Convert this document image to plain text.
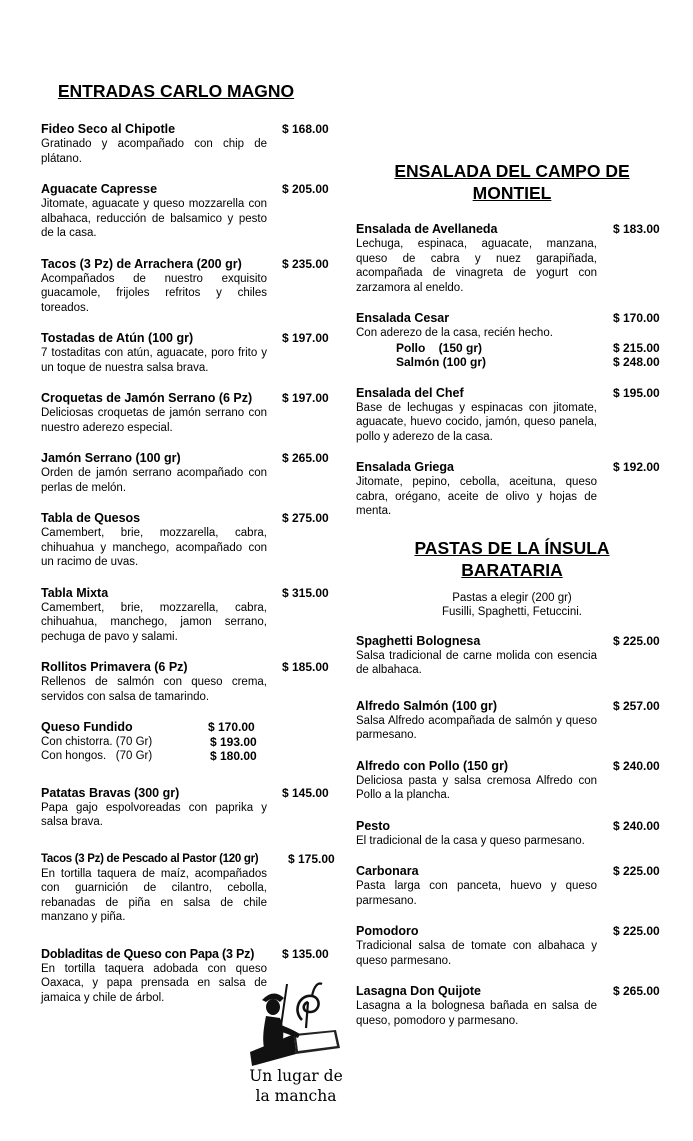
ENTRADAS CARLO MAGNO
Fideo Seco al Chipotle	$ 168.00
Gratinado y acompañado con chip de plátano.
Aguacate Capresse	$ 205.00
Jitomate, aguacate y queso mozzarella con albahaca, reducción de balsamico y pesto de la casa.
Tacos (3 Pz) de Arrachera (200 gr)	$ 235.00
Acompañados de nuestro exquisito guacamole, frijoles refritos y chiles toreados.
Tostadas de Atún (100 gr)	$ 197.00
7 tostaditas con atún, aguacate, poro frito y un toque de nuestra salsa brava.
Croquetas de Jamón Serrano (6 Pz)	$ 197.00
Deliciosas croquetas de jamón serrano con nuestro aderezo especial.
Jamón Serrano (100 gr)	$ 265.00
Orden de jamón serrano acompañado con perlas de melón.
Tabla de Quesos	$ 275.00
Camembert, brie, mozzarella, cabra, chihuahua y manchego, acompañado con un racimo de uvas.
Tabla Mixta	$ 315.00
Camembert, brie, mozzarella, cabra, chihuahua, manchego, jamon serrano, pechuga de pavo y salami.
Rollitos Primavera (6 Pz)	$ 185.00
Rellenos de salmón con queso crema, servidos con salsa de tamarindo.
Queso Fundido	$ 170.00
Con chistorra. (70 Gr)	$ 193.00
Con hongos.   (70 Gr)	$ 180.00
Patatas Bravas (300 gr)	$ 145.00
Papa gajo espolvoreadas con paprika y salsa brava.
Tacos (3 Pz) de Pescado al Pastor (120 gr)	$ 175.00
En tortilla taquera de maíz, acompañados con guarnición de cilantro, cebolla, rebanadas de piña en salsa de chile manzano y piña.
Dobladitas de Queso con Papa (3 Pz)	$ 135.00
En tortilla taquera adobada con queso Oaxaca, y papa prensada en salsa de jamaica y chile de árbol.
ENSALADA DEL CAMPO DE
MONTIEL
Ensalada de Avellaneda	$ 183.00
Lechuga, espinaca, aguacate, manzana, queso de cabra y nuez garapiñada, acompañada de vinagreta de yogurt con zarzamora al eneldo.
Ensalada Cesar	$ 170.00
Con aderezo de la casa, recién hecho.
Pollo    (150 gr)	$ 215.00
Salmón (100 gr)	$ 248.00
Ensalada del Chef	$ 195.00
Base de lechugas y espinacas con jitomate, aguacate, huevo cocido, jamón, queso panela, pollo y aderezo de la casa.
Ensalada Griega	$ 192.00
Jitomate, pepino, cebolla, aceituna, queso cabra, orégano, aceite de olivo y hojas de menta.
PASTAS DE LA ÍNSULA
BARATARIA
Pastas a elegir (200 gr)
Fusilli, Spaghetti, Fetuccini.
Spaghetti Bolognesa	$ 225.00
Salsa tradicional de carne molida con esencia de albahaca.
Alfredo Salmón (100 gr)	$ 257.00
Salsa Alfredo acompañada de salmón y queso parmesano.
Alfredo con Pollo (150 gr)	$ 240.00
Deliciosa pasta y salsa cremosa Alfredo con Pollo a la plancha.
Pesto	$ 240.00
El tradicional de la casa y queso parmesano.
Carbonara	$ 225.00
Pasta larga con panceta, huevo y queso parmesano.
Pomodoro	$ 225.00
Tradicional salsa de tomate con albahaca y queso parmesano.
Lasagna Don Quijote	$ 265.00
Lasagna a la bolognesa bañada en salsa de queso, pomodoro y parmesano.
Un lugar de
la mancha
